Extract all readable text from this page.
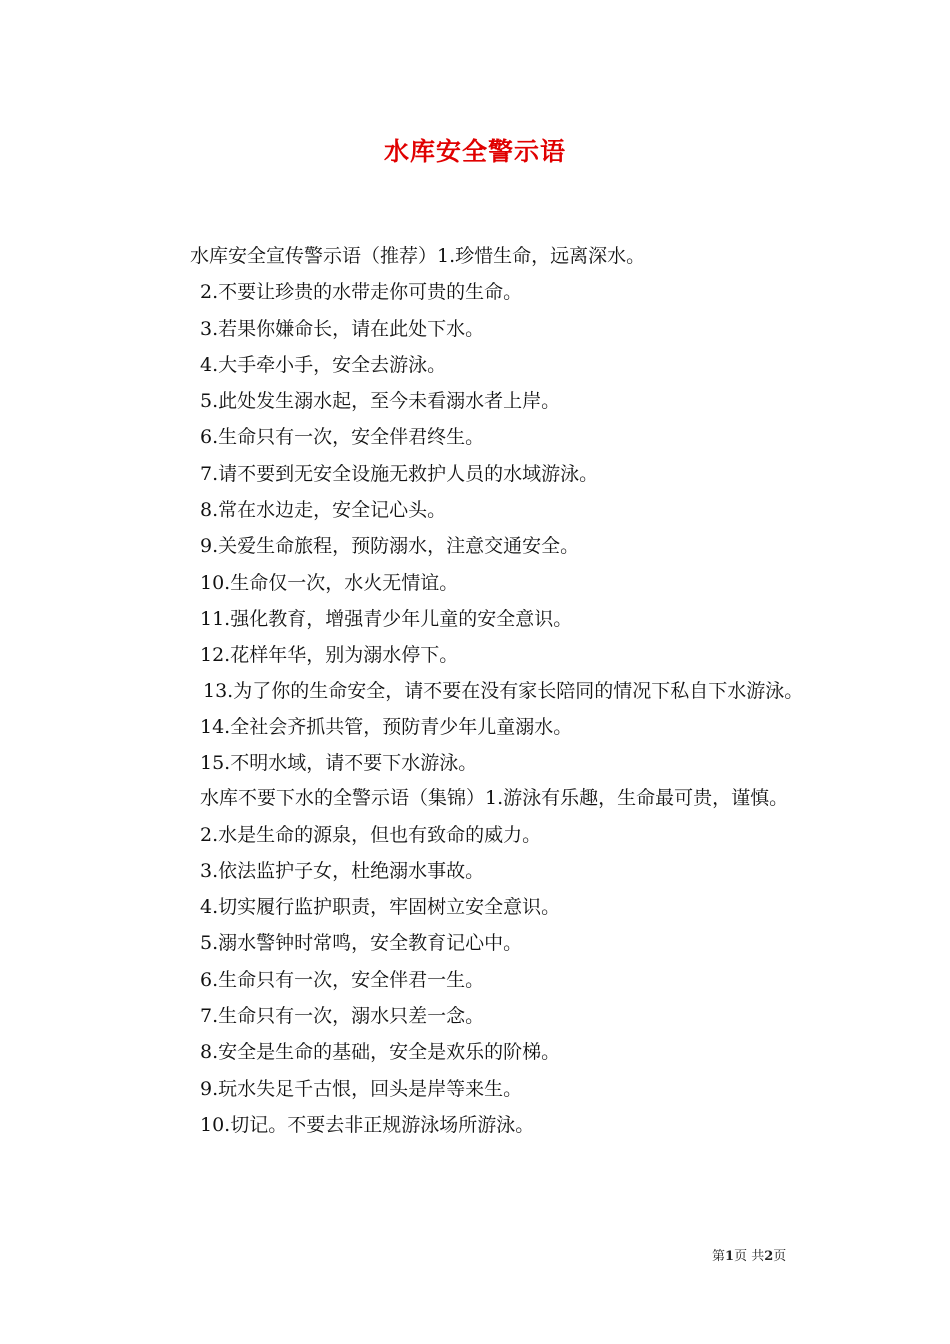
水库安全警示语
水库安全宣传警示语（推荐）1.珍惜生命，远离深水。
2.不要让珍贵的水带走你可贵的生命。
3.若果你嫌命长，请在此处下水。
4.大手牵小手，安全去游泳。
5.此处发生溺水起，至今未看溺水者上岸。
6.生命只有一次，安全伴君终生。
7.请不要到无安全设施无救护人员的水域游泳。
8.常在水边走，安全记心头。
9.关爱生命旅程，预防溺水，注意交通安全。
10.生命仅一次，水火无情谊。
11.强化教育，增强青少年儿童的安全意识。
12.花样年华，别为溺水停下。
13.为了你的生命安全，请不要在没有家长陪同的情况下私自下水游泳。
14.全社会齐抓共管，预防青少年儿童溺水。
15.不明水域，请不要下水游泳。
水库不要下水的全警示语（集锦）1.游泳有乐趣，生命最可贵，谨慎。
2.水是生命的源泉，但也有致命的威力。
3.依法监护子女，杜绝溺水事故。
4.切实履行监护职责，牢固树立安全意识。
5.溺水警钟时常鸣，安全教育记心中。
6.生命只有一次，安全伴君一生。
7.生命只有一次，溺水只差一念。
8.安全是生命的基础，安全是欢乐的阶梯。
9.玩水失足千古恨，回头是岸等来生。
10.切记。不要去非正规游泳场所游泳。
第1页 共2页
